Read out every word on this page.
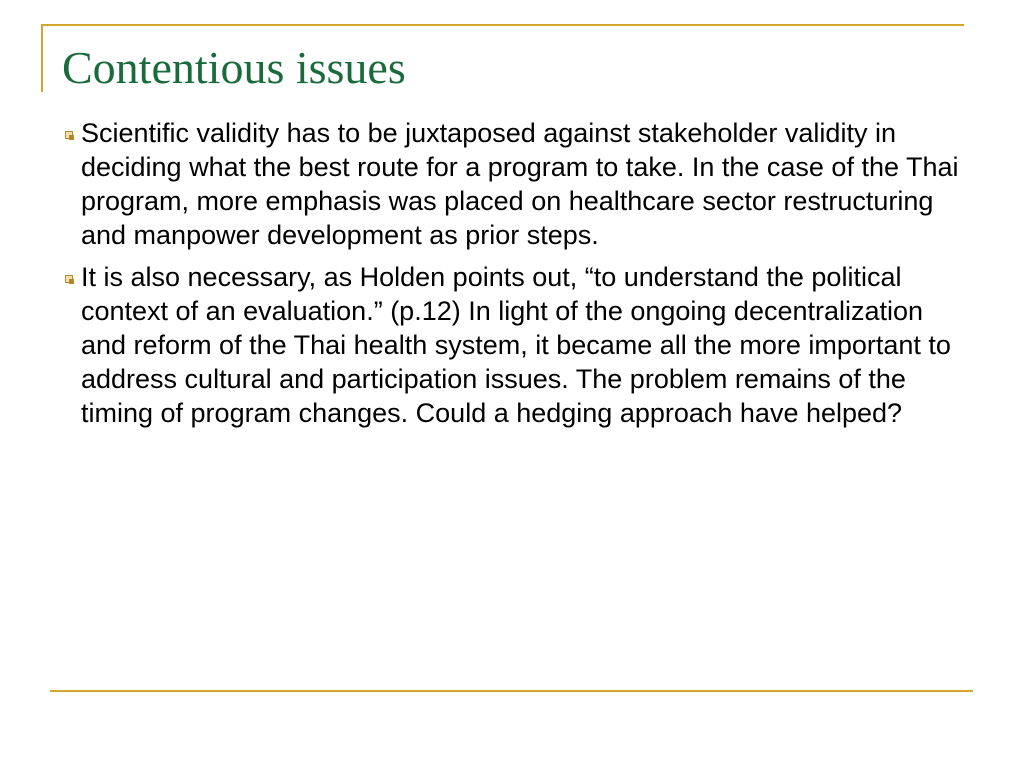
Contentious issues
Scientific validity has to be juxtaposed against stakeholder validity in deciding what the best route for a program to take. In the case of the Thai program, more emphasis was placed on healthcare sector restructuring and manpower development as prior steps.
It is also necessary, as Holden points out, “to understand the political context of an evaluation.” (p.12) In light of the ongoing decentralization and reform of the Thai health system, it became all the more important to address cultural and participation issues. The problem remains of the timing of program changes. Could a hedging approach have helped?
